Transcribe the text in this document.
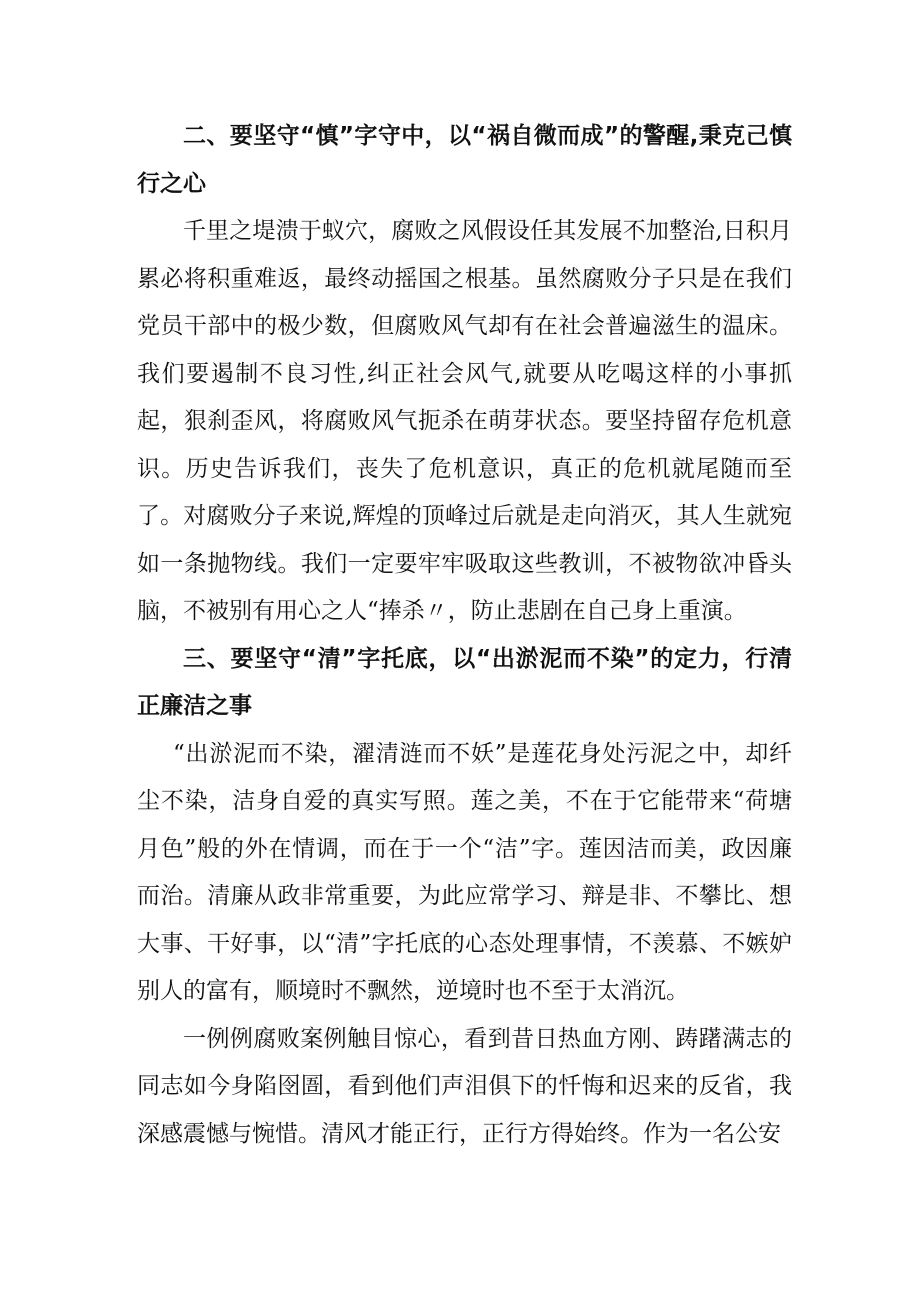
二、要坚守“慎”字守中，以“祸自微而成”的警醒,秉克己慎行之心

千里之堤溃于蚁穴，腐败之风假设任其发展不加整治,日积月累必将积重难返，最终动摇国之根基。虽然腐败分子只是在我们党员干部中的极少数，但腐败风气却有在社会普遍滋生的温床。我们要遏制不良习性,纠正社会风气,就要从吃喝这样的小事抓起，狠刹歪风，将腐败风气扼杀在萌芽状态。要坚持留存危机意识。历史告诉我们，丧失了危机意识，真正的危机就尾随而至了。对腐败分子来说,辉煌的顶峰过后就是走向消灭，其人生就宛如一条抛物线。我们一定要牢牢吸取这些教训，不被物欲冲昏头脑，不被别有用心之人“捧杀〃，防止悲剧在自己身上重演。

三、要坚守“清”字托底，以“出淤泥而不染”的定力，行清正廉洁之事

“出淤泥而不染，濯清涟而不妖”是莲花身处污泥之中，却纤尘不染，洁身自爱的真实写照。莲之美，不在于它能带来“荷塘月色”般的外在情调，而在于一个“洁”字。莲因洁而美，政因廉而治。清廉从政非常重要，为此应常学习、辩是非、不攀比、想大事、干好事，以“清”字托底的心态处理事情，不羡慕、不嫉妒别人的富有，顺境时不飘然，逆境时也不至于太消沉。

一例例腐败案例触目惊心，看到昔日热血方刚、踌躇满志的同志如今身陷囹圄，看到他们声泪俱下的忏悔和迟来的反省，我深感震憾与惋惜。清风才能正行，正行方得始终。作为一名公安
